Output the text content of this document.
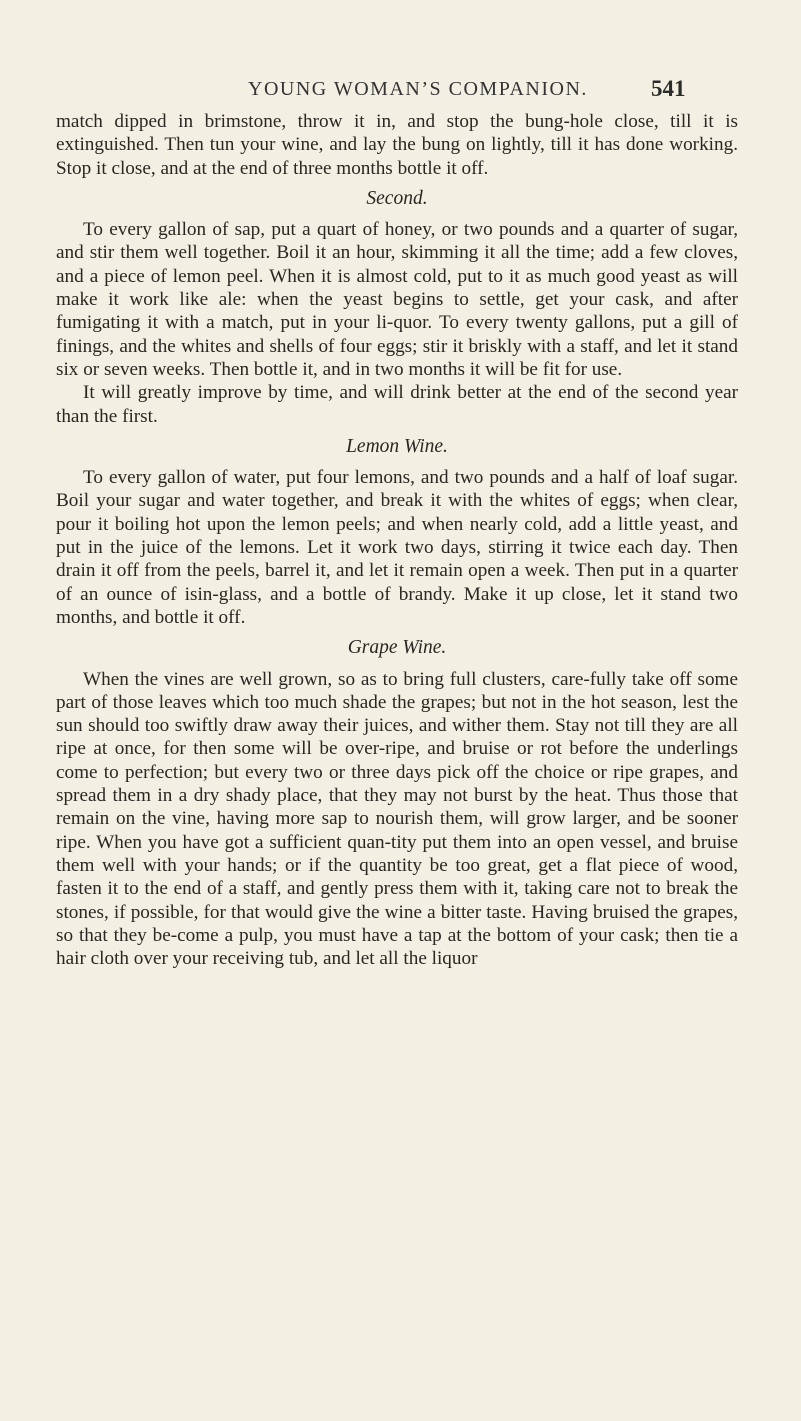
YOUNG WOMAN’S COMPANION.	541

match dipped in brimstone, throw it in, and stop the bung-hole close, till it is extinguished. Then tun your wine, and lay the bung on lightly, till it has done working. Stop it close, and at the end of three months bottle it off.

Second.

To every gallon of sap, put a quart of honey, or two pounds and a quarter of sugar, and stir them well together. Boil it an hour, skimming it all the time; add a few cloves, and a piece of lemon peel. When it is almost cold, put to it as much good yeast as will make it work like ale: when the yeast begins to settle, get your cask, and after fumigating it with a match, put in your li-quor. To every twenty gallons, put a gill of finings, and the whites and shells of four eggs; stir it briskly with a staff, and let it stand six or seven weeks. Then bottle it, and in two months it will be fit for use.

It will greatly improve by time, and will drink better at the end of the second year than the first.

Lemon Wine.

To every gallon of water, put four lemons, and two pounds and a half of loaf sugar. Boil your sugar and water together, and break it with the whites of eggs; when clear, pour it boiling hot upon the lemon peels; and when nearly cold, add a little yeast, and put in the juice of the lemons. Let it work two days, stirring it twice each day. Then drain it off from the peels, barrel it, and let it remain open a week. Then put in a quarter of an ounce of isin-glass, and a bottle of brandy. Make it up close, let it stand two months, and bottle it off.

Grape Wine.

When the vines are well grown, so as to bring full clusters, care-fully take off some part of those leaves which too much shade the grapes; but not in the hot season, lest the sun should too swiftly draw away their juices, and wither them. Stay not till they are all ripe at once, for then some will be over-ripe, and bruise or rot before the underlings come to perfection; but every two or three days pick off the choice or ripe grapes, and spread them in a dry shady place, that they may not burst by the heat. Thus those that remain on the vine, having more sap to nourish them, will grow larger, and be sooner ripe. When you have got a sufficient quan-tity put them into an open vessel, and bruise them well with your hands; or if the quantity be too great, get a flat piece of wood, fasten it to the end of a staff, and gently press them with it, taking care not to break the stones, if possible, for that would give the wine a bitter taste. Having bruised the grapes, so that they be-come a pulp, you must have a tap at the bottom of your cask; then tie a hair cloth over your receiving tub, and let all the liquor
